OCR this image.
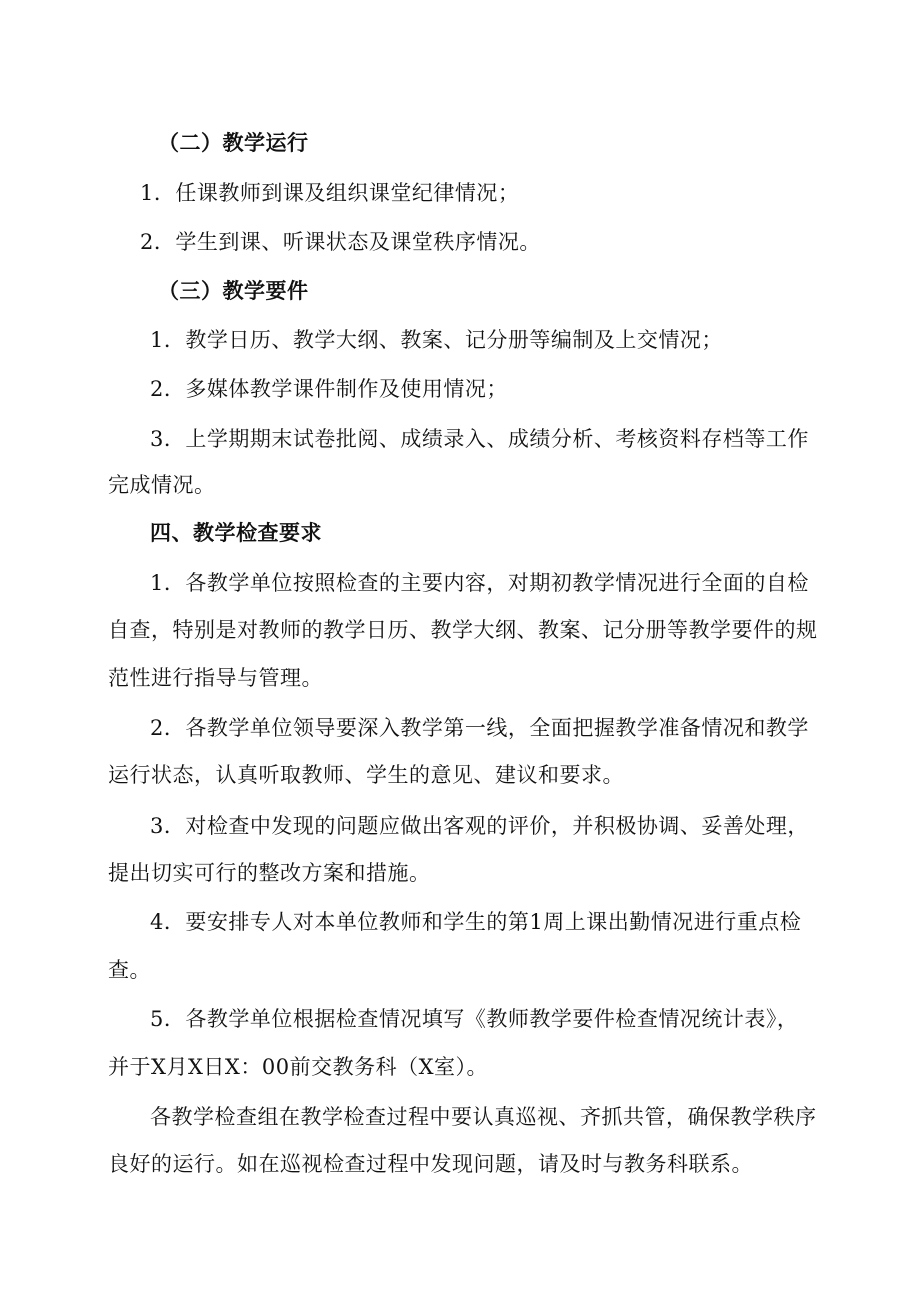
（二）教学运行
1．任课教师到课及组织课堂纪律情况；
2．学生到课、听课状态及课堂秩序情况。
（三）教学要件
1．教学日历、教学大纲、教案、记分册等编制及上交情况；
2．多媒体教学课件制作及使用情况；
3．上学期期末试卷批阅、成绩录入、成绩分析、考核资料存档等工作
完成情况。
四、教学检查要求
1．各教学单位按照检查的主要内容，对期初教学情况进行全面的自检
自查，特别是对教师的教学日历、教学大纲、教案、记分册等教学要件的规
范性进行指导与管理。
2．各教学单位领导要深入教学第一线，全面把握教学准备情况和教学
运行状态，认真听取教师、学生的意见、建议和要求。
3．对检查中发现的问题应做出客观的评价，并积极协调、妥善处理，
提出切实可行的整改方案和措施。
4．要安排专人对本单位教师和学生的第1周上课出勤情况进行重点检
查。
5．各教学单位根据检查情况填写《教师教学要件检查情况统计表》，
并于X月X日X：00前交教务科（X室）。
各教学检查组在教学检查过程中要认真巡视、齐抓共管，确保教学秩序
良好的运行。如在巡视检查过程中发现问题，请及时与教务科联系。
